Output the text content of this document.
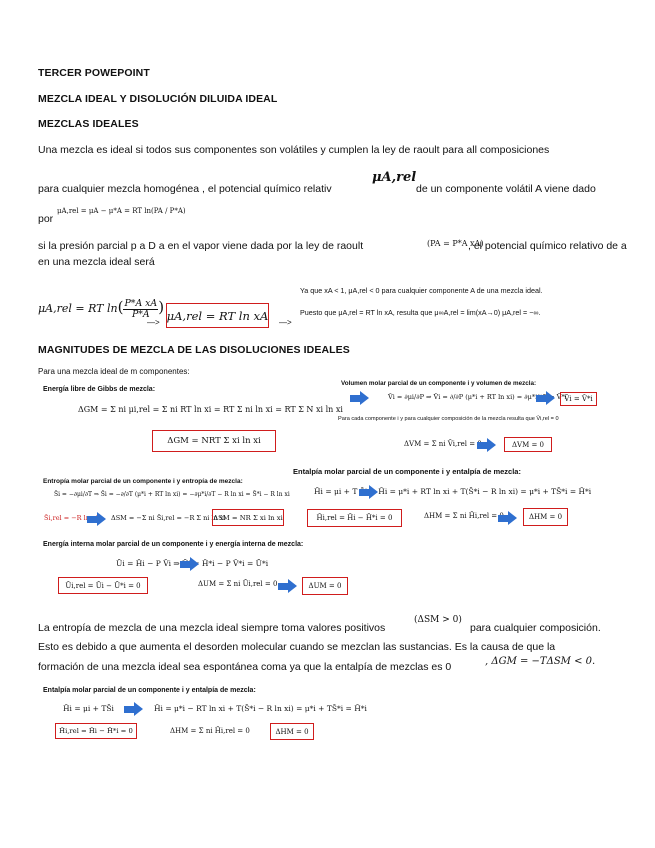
TERCER POWEPOINT
MEZCLA IDEAL Y DISOLUCIÓN DILUIDA IDEAL
MEZCLAS IDEALES
Una mezcla es ideal si todos sus componentes son volátiles y cumplen la ley de raoult para all composiciones
para cualquier mezcla homogénea , el potencial químico relativ
μA,rel
de un componente volátil A viene dado
por
μA,rel = μA − μ*A = RT ln(PA / P*A)
si la presión parcial p a D a en el vapor viene dada por la ley de raoult	(PA = P*A xA)
, el potencial químico relativo de a
en una mezcla ideal será
μA,rel = RT $\ln( \frac{\text{P*A xA}}{P*A}$ )
—> μA,rel = RT ln xA —>
Ya que xA < 1, μA,rel < 0 para cualquier componente A de una mezcla ideal.
Puesto que μA,rel = RT ln xA, resulta que μ∞A,rel = lim(xA→0) μA,rel = −∞.
MAGNITUDES DE MEZCLA DE LAS DISOLUCIONES IDEALES
Para una mezcla ideal de m componentes:
Energía libre de Gibbs de mezcla:
ΔGM = Σ ni μi,rel = Σ ni RT ln xi = RT Σ ni ln xi = RT Σ N xi ln xi
ΔGM = NRT Σ xi ln xi
Volumen molar parcial de un componente i y volumen de mezcla:
V̄i = ∂μi/∂P ⇒ V̄i = ∂/∂P (μ*i + RT ln xi) = ∂μ*i/∂P = V̄*i
V̄i = V̄*i
Para cada componente i y para cualquier composición de la mezcla resulta que V̄i,rel = 0
ΔVM = Σ ni V̄i,rel = 0	ΔVM = 0
Entropía molar parcial de un componente i y entropía de mezcla:
S̄i = −∂μi/∂T ⇒ S̄i = −∂/∂T (μ*i + RT ln xi) = −∂μ*i/∂T − R ln xi = S̄*i − R ln xi
S̄i,rel = −R ln xi ΔSM = −Σ ni S̄i,rel = −R Σ ni ln xi
ΔSM = NR Σ xi ln xi
Entalpía molar parcial de un componente i y entalpía de mezcla:
H̄i = μi + T S̄i ⇒ H̄i = μ*i + RT ln xi + T(S̄*i − R ln xi) = μ*i + TS̄*i = H̄*i
H̄i,rel = H̄i − H̄*i = 0	ΔHM = Σ ni H̄i,rel = 0	ΔHM = 0
Energía interna molar parcial de un componente i y energía interna de mezcla:
Ūi = H̄i − P V̄i ⇒ Ūi = H̄*i − P V̄*i = Ū*i
Ūi,rel = Ūi − Ū*i = 0	ΔUM = Σ ni Ūi,rel = 0	ΔUM = 0
La entropía de mezcla de una mezcla ideal siempre toma valores positivos
(ΔSM > 0)
para cualquier composición.
Esto es debido a que aumenta el desorden molecular cuando se mezclan las sustancias. Es la causa de que la
formación de una mezcla ideal sea espontánea coma ya que la entalpía de mezclas es 0	, ΔGM = −TΔSM < 0.
Entalpía molar parcial de un componente i y entalpía de mezcla:
H̄i = μi + TS̄i	H̄i = μ*i − RT ln xi + T(S̄*i − R ln xi) = μ*i + TS̄*i = H̄*i
H̄i,rel = H̄i − H̄*i = 0	ΔHM = Σ ni H̄i,rel = 0	ΔHM = 0
